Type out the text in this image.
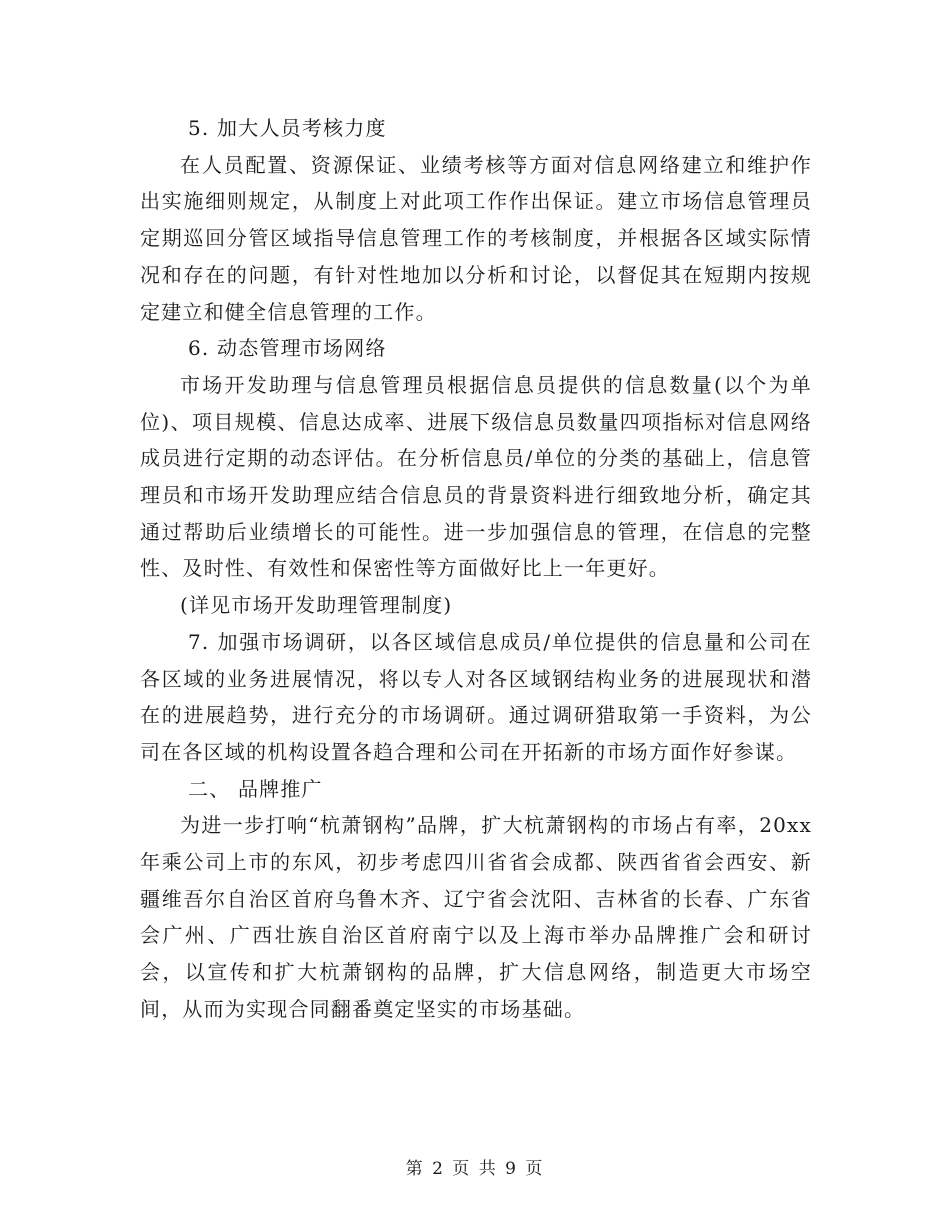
5. 加大人员考核力度

在人员配置、资源保证、业绩考核等方面对信息网络建立和维护作出实施细则规定，从制度上对此项工作作出保证。建立市场信息管理员定期巡回分管区域指导信息管理工作的考核制度，并根据各区域实际情况和存在的问题，有针对性地加以分析和讨论，以督促其在短期内按规定建立和健全信息管理的工作。

6. 动态管理市场网络

市场开发助理与信息管理员根据信息员提供的信息数量(以个为单位)、项目规模、信息达成率、进展下级信息员数量四项指标对信息网络成员进行定期的动态评估。在分析信息员/单位的分类的基础上，信息管理员和市场开发助理应结合信息员的背景资料进行细致地分析，确定其通过帮助后业绩增长的可能性。进一步加强信息的管理，在信息的完整性、及时性、有效性和保密性等方面做好比上一年更好。

(详见市场开发助理管理制度)

7. 加强市场调研，以各区域信息成员/单位提供的信息量和公司在各区域的业务进展情况，将以专人对各区域钢结构业务的进展现状和潜在的进展趋势，进行充分的市场调研。通过调研猎取第一手资料，为公司在各区域的机构设置各趋合理和公司在开拓新的市场方面作好参谋。

二、 品牌推广

为进一步打响“杭萧钢构”品牌，扩大杭萧钢构的市场占有率，20xx年乘公司上市的东风，初步考虑四川省省会成都、陕西省省会西安、新疆维吾尔自治区首府乌鲁木齐、辽宁省会沈阳、吉林省的长春、广东省会广州、广西壮族自治区首府南宁以及上海市举办品牌推广会和研讨会，以宣传和扩大杭萧钢构的品牌，扩大信息网络，制造更大市场空间，从而为实现合同翻番奠定坚实的市场基础。

第 2 页 共 9 页
